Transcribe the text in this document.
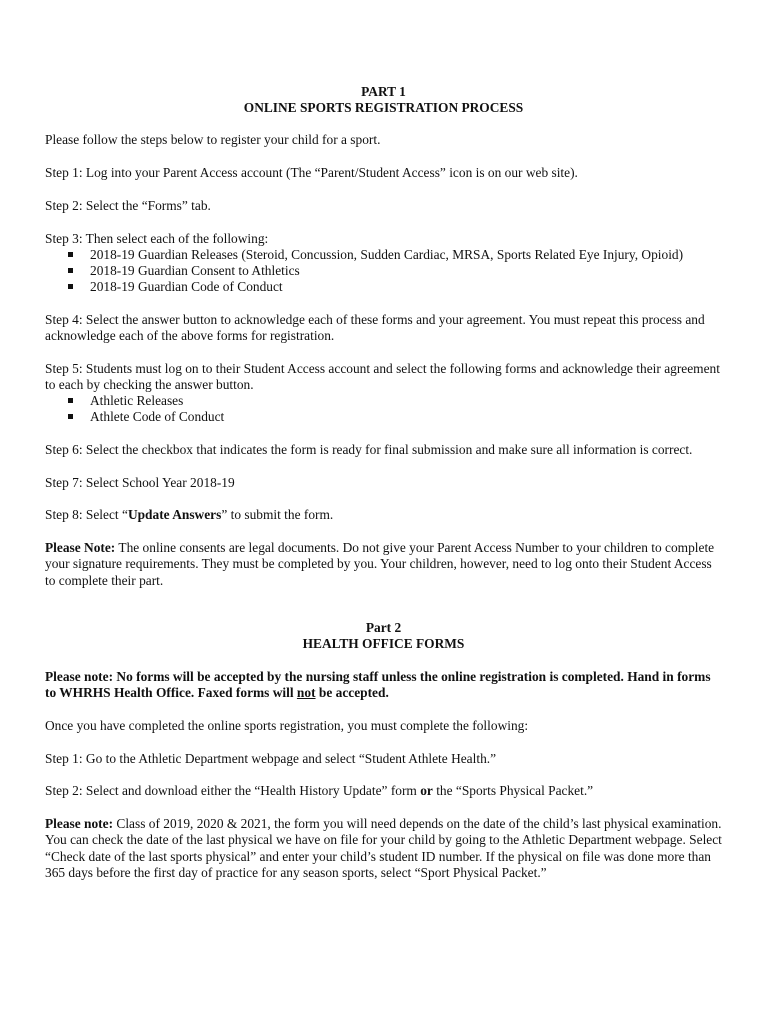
PART 1

ONLINE SPORTS REGISTRATION PROCESS

Please follow the steps below to register your child for a sport.

Step 1: Log into your Parent Access account (The “Parent/Student Access” icon is on our web site).

Step 2: Select the “Forms” tab.

Step 3: Then select each of the following:

2018-19 Guardian Releases (Steroid, Concussion, Sudden Cardiac, MRSA, Sports Related Eye Injury, Opioid)
2018-19 Guardian Consent to Athletics
2018-19 Guardian Code of Conduct

Step 4: Select the answer button to acknowledge each of these forms and your agreement. You must repeat this process and acknowledge each of the above forms for registration.

Step 5: Students must log on to their Student Access account and select the following forms and acknowledge their agreement to each by checking the answer button.

Athletic Releases
Athlete Code of Conduct

Step 6: Select the checkbox that indicates the form is ready for final submission and make sure all information is correct.

Step 7: Select School Year 2018-19

Step 8: Select “Update Answers” to submit the form.

Please Note: The online consents are legal documents. Do not give your Parent Access Number to your children to complete your signature requirements. They must be completed by you. Your children, however, need to log onto their Student Access to complete their part.

Part 2

HEALTH OFFICE FORMS

Please note: No forms will be accepted by the nursing staff unless the online registration is completed. Hand in forms to WHRHS Health Office. Faxed forms will not be accepted.

Once you have completed the online sports registration, you must complete the following:

Step 1: Go to the Athletic Department webpage and select “Student Athlete Health.”

Step 2: Select and download either the “Health History Update” form or the “Sports Physical Packet.”

Please note: Class of 2019, 2020 & 2021, the form you will need depends on the date of the child’s last physical examination. You can check the date of the last physical we have on file for your child by going to the Athletic Department webpage. Select “Check date of the last sports physical” and enter your child’s student ID number. If the physical on file was done more than 365 days before the first day of practice for any season sports, select “Sport Physical Packet.”
